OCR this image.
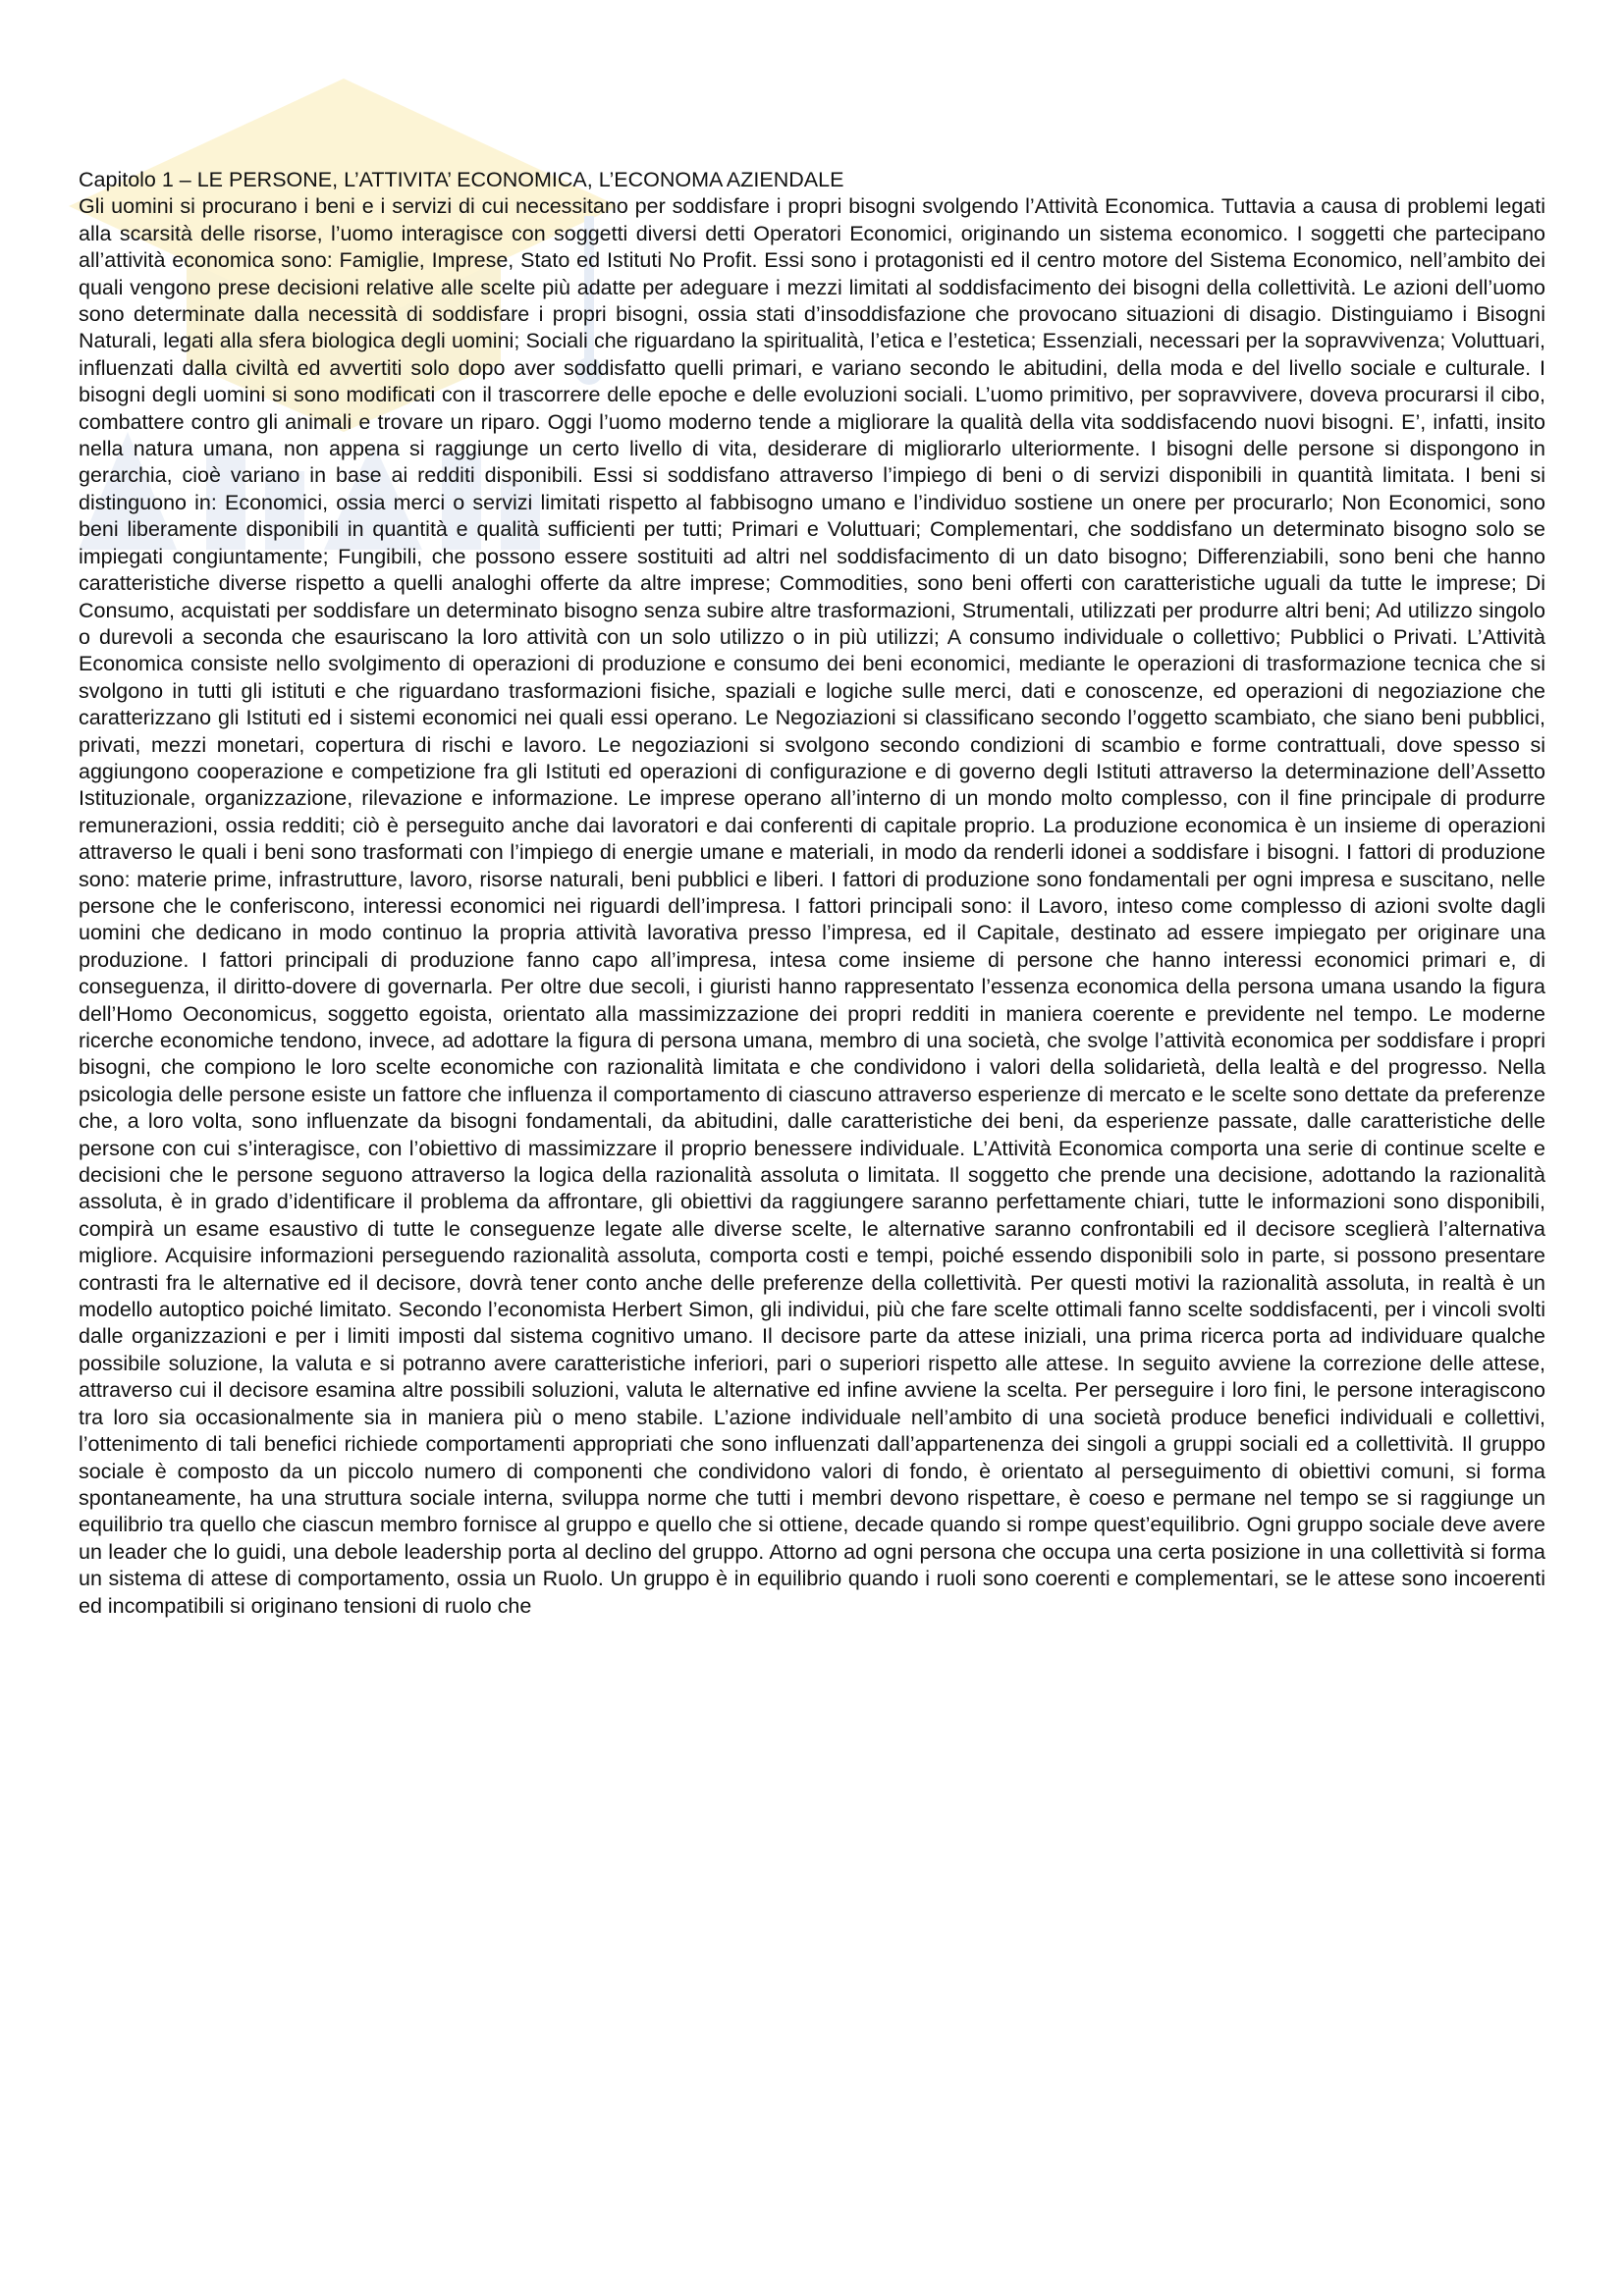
Capitolo 1 – LE PERSONE, L’ATTIVITA’ ECONOMICA, L’ECONOMA AZIENDALE

Gli uomini si procurano i beni e i servizi di cui necessitano per soddisfare i propri bisogni svolgendo l’Attività Economica. Tuttavia a causa di problemi legati alla scarsità delle risorse, l’uomo interagisce con soggetti diversi detti Operatori Economici, originando un sistema economico. I soggetti che partecipano all’attività economica sono: Famiglie, Imprese, Stato ed Istituti No Profit. Essi sono i protagonisti ed il centro motore del Sistema Economico, nell’ambito dei quali vengono prese decisioni relative alle scelte più adatte per adeguare i mezzi limitati al soddisfacimento dei bisogni della collettività. Le azioni dell’uomo sono determinate dalla necessità di soddisfare i propri bisogni, ossia stati d’insoddisfazione che provocano situazioni di disagio. Distinguiamo i Bisogni Naturali, legati alla sfera biologica degli uomini; Sociali che riguardano la spiritualità, l’etica e l’estetica; Essenziali, necessari per la sopravvivenza; Voluttuari, influenzati dalla civiltà ed avvertiti solo dopo aver soddisfatto quelli primari, e variano secondo le abitudini, della moda e del livello sociale e culturale. I bisogni degli uomini si sono modificati con il trascorrere delle epoche e delle evoluzioni sociali. L’uomo primitivo, per sopravvivere, doveva procurarsi il cibo, combattere contro gli animali e trovare un riparo. Oggi l’uomo moderno tende a migliorare la qualità della vita soddisfacendo nuovi bisogni. E’, infatti, insito nella natura umana, non appena si raggiunge un certo livello di vita, desiderare di migliorarlo ulteriormente. I bisogni delle persone si dispongono in gerarchia, cioè variano in base ai redditi disponibili. Essi si soddisfano attraverso l’impiego di beni o di servizi disponibili in quantità limitata. I beni si distinguono in: Economici, ossia merci o servizi limitati rispetto al fabbisogno umano e l’individuo sostiene un onere per procurarlo; Non Economici, sono beni liberamente disponibili in quantità e qualità sufficienti per tutti; Primari e Voluttuari; Complementari, che soddisfano un determinato bisogno solo se impiegati congiuntamente; Fungibili, che possono essere sostituiti ad altri nel soddisfacimento di un dato bisogno; Differenziabili, sono beni che hanno caratteristiche diverse rispetto a quelli analoghi offerte da altre imprese; Commodities, sono beni offerti con caratteristiche uguali da tutte le imprese; Di Consumo, acquistati per soddisfare un determinato bisogno senza subire altre trasformazioni, Strumentali, utilizzati per produrre altri beni; Ad utilizzo singolo o durevoli a seconda che esauriscano la loro attività con un solo utilizzo o in più utilizzi; A consumo individuale o collettivo; Pubblici o Privati. L’Attività Economica consiste nello svolgimento di operazioni di produzione e consumo dei beni economici, mediante le operazioni di trasformazione tecnica che si svolgono in tutti gli istituti e che riguardano trasformazioni fisiche, spaziali e logiche sulle merci, dati e conoscenze, ed operazioni di negoziazione che caratterizzano gli Istituti ed i sistemi economici nei quali essi operano. Le Negoziazioni si classificano secondo l’oggetto scambiato, che siano beni pubblici, privati, mezzi monetari, copertura di rischi e lavoro. Le negoziazioni si svolgono secondo condizioni di scambio e forme contrattuali, dove spesso si aggiungono cooperazione e competizione fra gli Istituti ed operazioni di configurazione e di governo degli Istituti attraverso la determinazione dell’Assetto Istituzionale, organizzazione, rilevazione e informazione. Le imprese operano all’interno di un mondo molto complesso, con il fine principale di produrre remunerazioni, ossia redditi; ciò è perseguito anche dai lavoratori e dai conferenti di capitale proprio. La produzione economica è un insieme di operazioni attraverso le quali i beni sono trasformati con l’impiego di energie umane e materiali, in modo da renderli idonei a soddisfare i bisogni. I fattori di produzione sono: materie prime, infrastrutture, lavoro, risorse naturali, beni pubblici e liberi. I fattori di produzione sono fondamentali per ogni impresa e suscitano, nelle persone che le conferiscono, interessi economici nei riguardi dell’impresa. I fattori principali sono: il Lavoro, inteso come complesso di azioni svolte dagli uomini che dedicano in modo continuo la propria attività lavorativa presso l’impresa, ed il Capitale, destinato ad essere impiegato per originare una produzione. I fattori principali di produzione fanno capo all’impresa, intesa come insieme di persone che hanno interessi economici primari e, di conseguenza, il diritto-dovere di governarla. Per oltre due secoli, i giuristi hanno rappresentato l’essenza economica della persona umana usando la figura dell’Homo Oeconomicus, soggetto egoista, orientato alla massimizzazione dei propri redditi in maniera coerente e previdente nel tempo. Le moderne ricerche economiche tendono, invece, ad adottare la figura di persona umana, membro di una società, che svolge l’attività economica per soddisfare i propri bisogni, che compiono le loro scelte economiche con razionalità limitata e che condividono i valori della solidarietà, della lealtà e del progresso. Nella psicologia delle persone esiste un fattore che influenza il comportamento di ciascuno attraverso esperienze di mercato e le scelte sono dettate da preferenze che, a loro volta, sono influenzate da bisogni fondamentali, da abitudini, dalle caratteristiche dei beni, da esperienze passate, dalle caratteristiche delle persone con cui s’interagisce, con l’obiettivo di massimizzare il proprio benessere individuale. L’Attività Economica comporta una serie di continue scelte e decisioni che le persone seguono attraverso la logica della razionalità assoluta o limitata. Il soggetto che prende una decisione, adottando la razionalità assoluta, è in grado d’identificare il problema da affrontare, gli obiettivi da raggiungere saranno perfettamente chiari, tutte le informazioni sono disponibili, compirà un esame esaustivo di tutte le conseguenze legate alle diverse scelte, le alternative saranno confrontabili ed il decisore sceglierà l’alternativa migliore. Acquisire informazioni perseguendo razionalità assoluta, comporta costi e tempi, poiché essendo disponibili solo in parte, si possono presentare contrasti fra le alternative ed il decisore, dovrà tener conto anche delle preferenze della collettività. Per questi motivi la razionalità assoluta, in realtà è un modello autoptico poiché limitato. Secondo l’economista Herbert Simon, gli individui, più che fare scelte ottimali fanno scelte soddisfacenti, per i vincoli svolti dalle organizzazioni e per i limiti imposti dal sistema cognitivo umano. Il decisore parte da attese iniziali, una prima ricerca porta ad individuare qualche possibile soluzione, la valuta e si potranno avere caratteristiche inferiori, pari o superiori rispetto alle attese. In seguito avviene la correzione delle attese, attraverso cui il decisore esamina altre possibili soluzioni, valuta le alternative ed infine avviene la scelta. Per perseguire i loro fini, le persone interagiscono tra loro sia occasionalmente sia in maniera più o meno stabile. L’azione individuale nell’ambito di una società produce benefici individuali e collettivi, l’ottenimento di tali benefici richiede comportamenti appropriati che sono influenzati dall’appartenenza dei singoli a gruppi sociali ed a collettività. Il gruppo sociale è composto da un piccolo numero di componenti che condividono valori di fondo, è orientato al perseguimento di obiettivi comuni, si forma spontaneamente, ha una struttura sociale interna, sviluppa norme che tutti i membri devono rispettare, è coeso e permane nel tempo se si raggiunge un equilibrio tra quello che ciascun membro fornisce al gruppo e quello che si ottiene, decade quando si rompe quest’equilibrio. Ogni gruppo sociale deve avere un leader che lo guidi, una debole leadership porta al declino del gruppo. Attorno ad ogni persona che occupa una certa posizione in una collettività si forma un sistema di attese di comportamento, ossia un Ruolo. Un gruppo è in equilibrio quando i ruoli sono coerenti e complementari, se le attese sono incoerenti ed incompatibili si originano tensioni di ruolo che
